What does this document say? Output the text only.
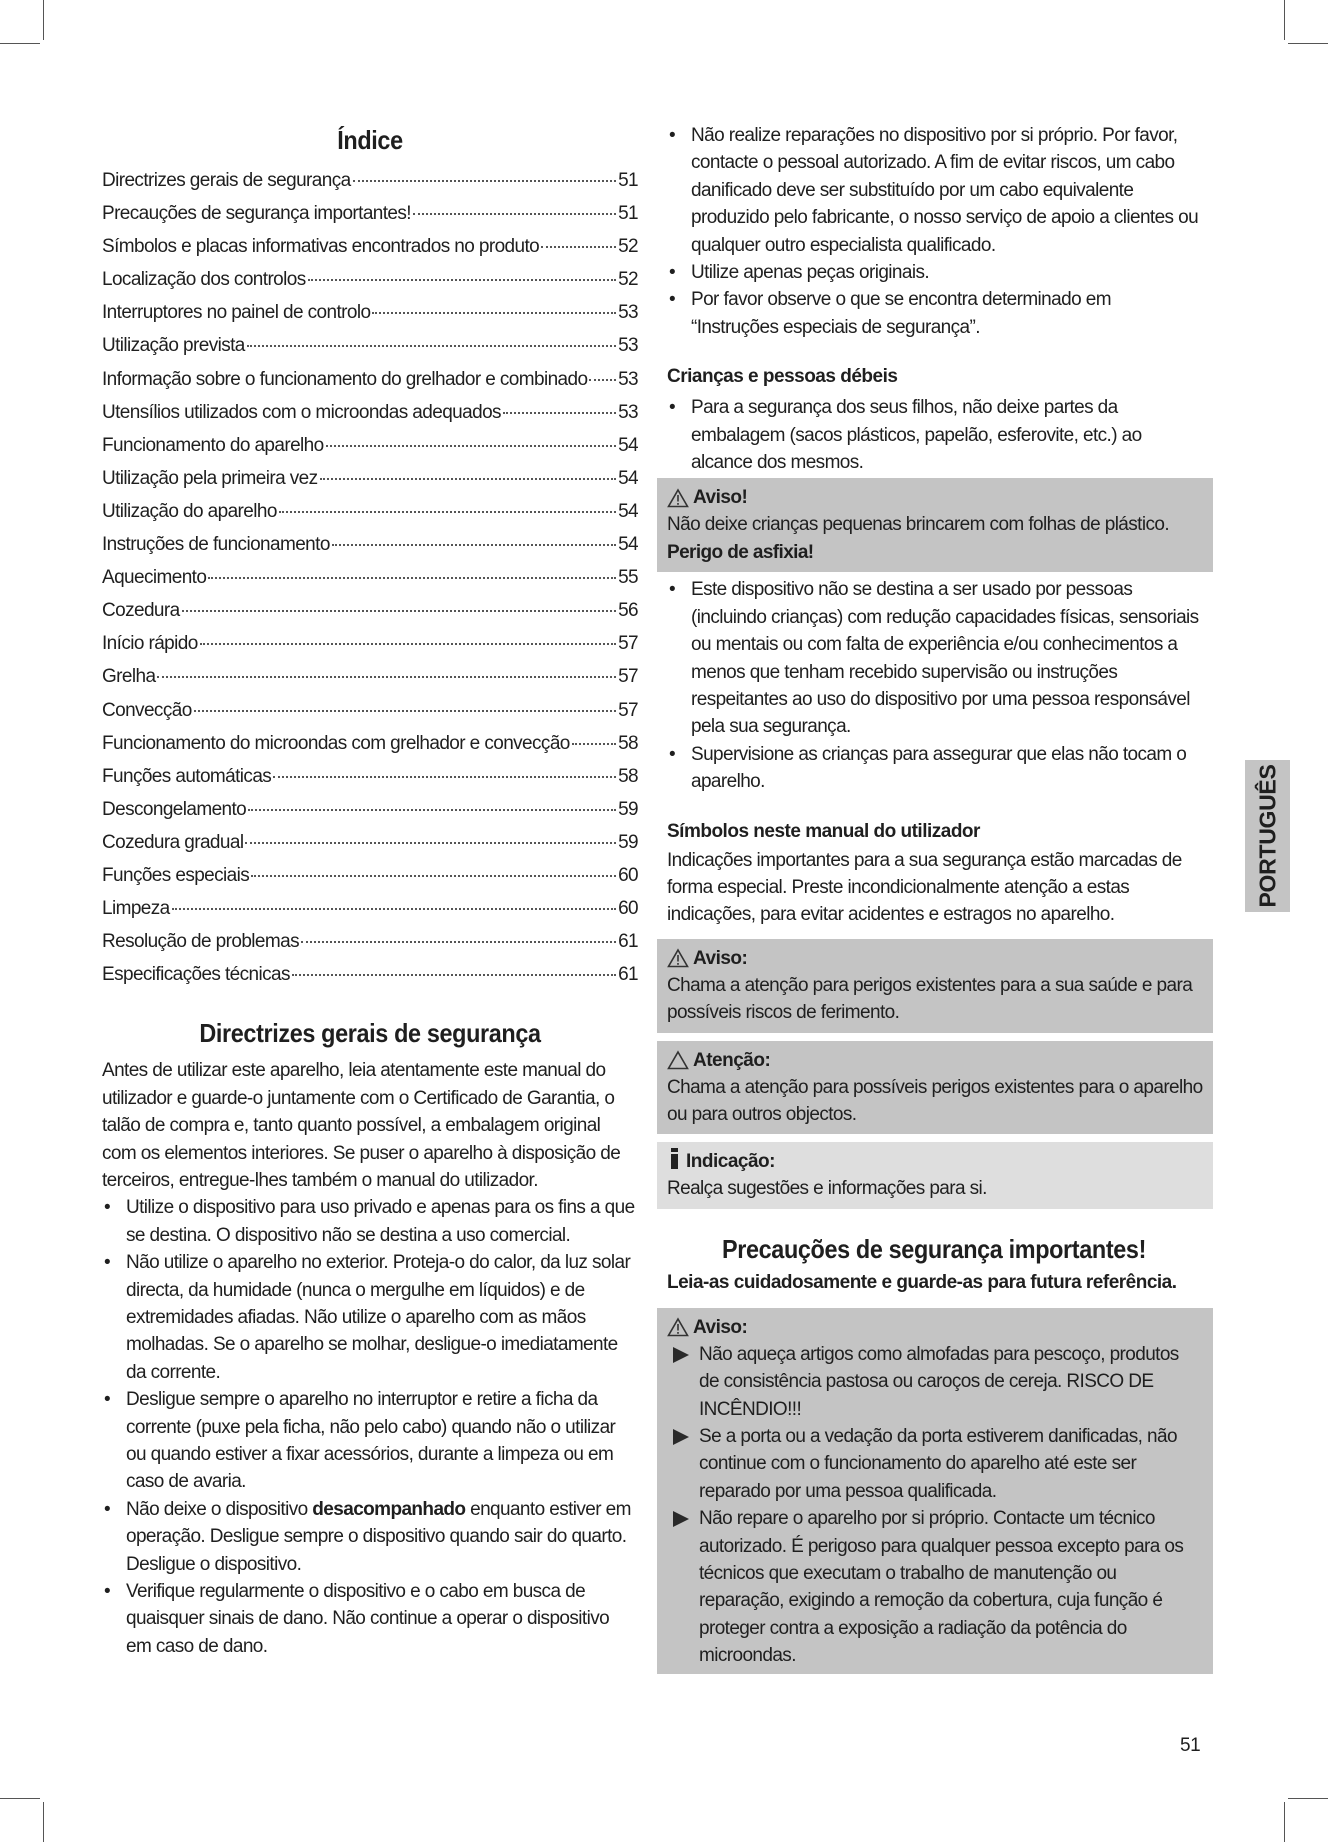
Índice
Directrizes gerais de segurança	51
Precauções de segurança importantes!	51
Símbolos e placas informativas encontrados no produto	52
Localização dos controlos	52
Interruptores no painel de controlo	53
Utilização prevista	53
Informação sobre o funcionamento do grelhador e combinado 53
Utensílios utilizados com o microondas adequados	53
Funcionamento do aparelho	54
Utilização pela primeira vez	54
Utilização do aparelho	54
Instruções de funcionamento	54
Aquecimento	55
Cozedura	56
Início rápido	57
Grelha	57
Convecção	57
Funcionamento do microondas com grelhador e convecção	58
Funções automáticas	58
Descongelamento	59
Cozedura gradual	59
Funções especiais	60
Limpeza	60
Resolução de problemas	61
Especificações técnicas	61
Directrizes gerais de segurança

Antes de utilizar este aparelho, leia atentamente este manual do utilizador e guarde-o juntamente com o Certificado de Garantia, o talão de compra e, tanto quanto possível, a embalagem original com os elementos interiores. Se puser o aparelho à disposição de terceiros, entregue-lhes também o manual do utilizador.

• Utilize o dispositivo para uso privado e apenas para os fins a que se destina. O dispositivo não se destina a uso comercial.
• Não utilize o aparelho no exterior. Proteja-o do calor, da luz solar directa, da humidade (nunca o mergulhe em líquidos) e de extremidades afiadas. Não utilize o aparelho com as mãos molhadas. Se o aparelho se molhar, desligue-o imediatamente da corrente.
• Desligue sempre o aparelho no interruptor e retire a ficha da corrente (puxe pela ficha, não pelo cabo) quando não o utilizar ou quando estiver a fixar acessórios, durante a limpeza ou em caso de avaria.
• Não deixe o dispositivo desacompanhado enquanto estiver em operação. Desligue sempre o dispositivo quando sair do quarto. Desligue o dispositivo.
• Verifique regularmente o dispositivo e o cabo em busca de quaisquer sinais de dano. Não continue a operar o dispositivo em caso de dano.
• Não realize reparações no dispositivo por si próprio. Por favor, contacte o pessoal autorizado. A fim de evitar riscos, um cabo danificado deve ser substituído por um cabo equivalente produzido pelo fabricante, o nosso serviço de apoio a clientes ou qualquer outro especialista qualificado.
• Utilize apenas peças originais.
• Por favor observe o que se encontra determinado em “Instruções especiais de segurança”.

Crianças e pessoas débeis

• Para a segurança dos seus filhos, não deixe partes da embalagem (sacos plásticos, papelão, esferovite, etc.) ao alcance dos mesmos.
Aviso!

Não deixe crianças pequenas brincarem com folhas de plástico. Perigo de asfixia!

• Este dispositivo não se destina a ser usado por pessoas (incluindo crianças) com redução capacidades físicas, sensoriais ou mentais ou com falta de experiência e/ou conhecimentos a menos que tenham recebido supervisão ou instruções respeitantes ao uso do dispositivo por uma pessoa responsável pela sua segurança.
• Supervisione as crianças para assegurar que elas não tocam o aparelho.

Símbolos neste manual do utilizador

Indicações importantes para a sua segurança estão marcadas de forma especial. Preste incondicionalmente atenção a estas indicações, para evitar acidentes e estragos no aparelho.

Aviso:

Chama a atenção para perigos existentes para a sua saúde e para possíveis riscos de ferimento.

Atenção:

Chama a atenção para possíveis perigos existentes para o aparelho ou para outros objectos.

Indicação:

Realça sugestões e informações para si.

Precauções de segurança importantes!

Leia-as cuidadosamente e guarde-as para futura referência.

Aviso:
Não aqueça artigos como almofadas para pescoço, produtos de consistência pastosa ou caroços de cereja. RISCO DE INCÊNDIO!!!
Se a porta ou a vedação da porta estiverem danificadas, não continue com o funcionamento do aparelho até este ser reparado por uma pessoa qualificada.
Não repare o aparelho por si próprio. Contacte um técnico autorizado. É perigoso para qualquer pessoa excepto para os técnicos que executam o trabalho de manutenção ou reparação, exigindo a remoção da cobertura, cuja função é proteger contra a exposição a radiação da potência do microondas.
PORTUGUÊS
51
